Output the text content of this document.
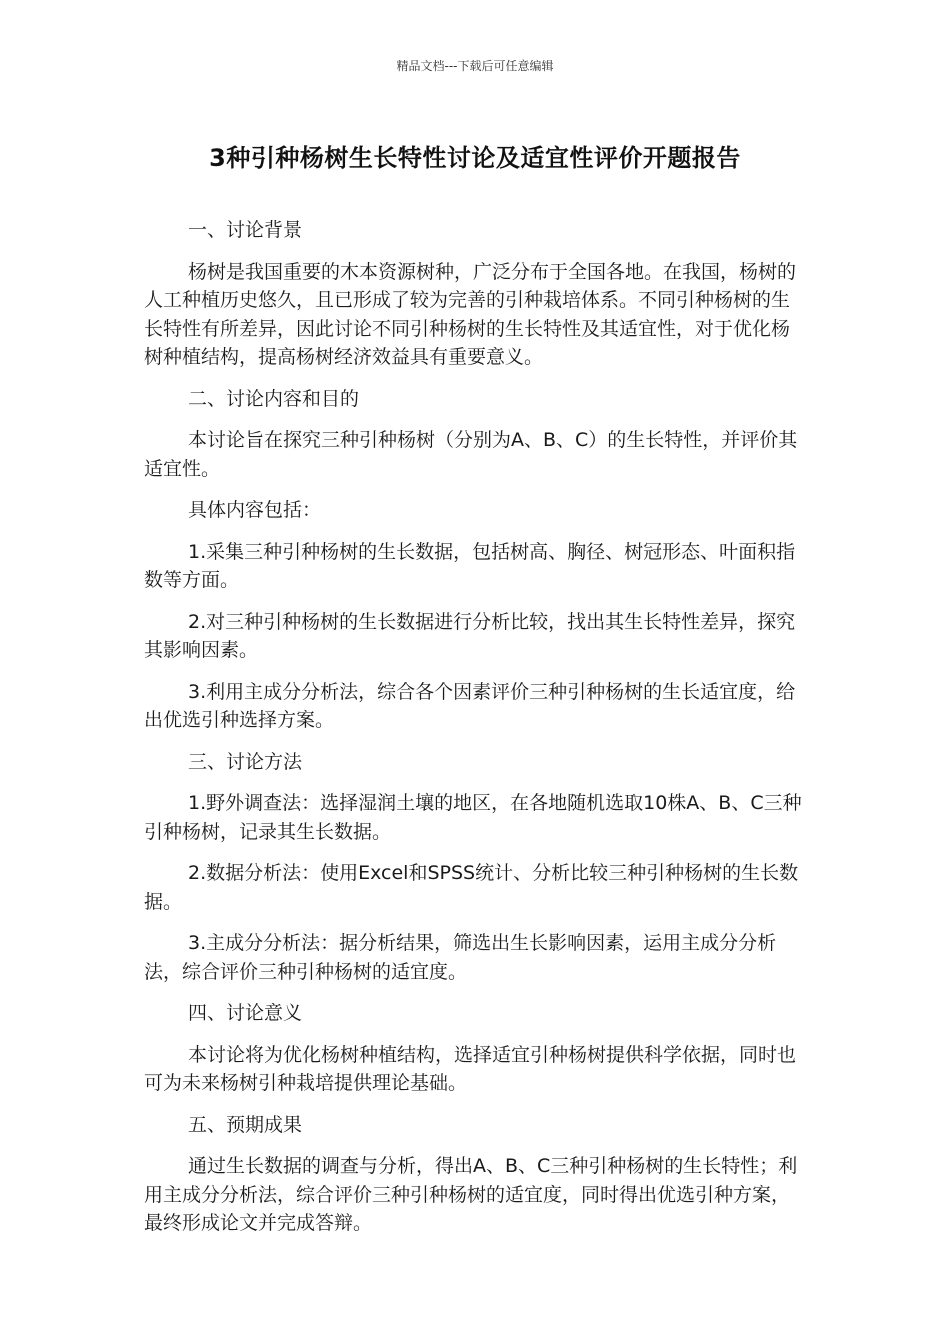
精品文档---下载后可任意编辑
3种引种杨树生长特性讨论及适宜性评价开题报告

一、讨论背景

杨树是我国重要的木本资源树种，广泛分布于全国各地。在我国，杨树的人工种植历史悠久，且已形成了较为完善的引种栽培体系。不同引种杨树的生长特性有所差异，因此讨论不同引种杨树的生长特性及其适宜性，对于优化杨树种植结构，提高杨树经济效益具有重要意义。

二、讨论内容和目的

本讨论旨在探究三种引种杨树（分别为A、B、C）的生长特性，并评价其适宜性。

具体内容包括：

1.采集三种引种杨树的生长数据，包括树高、胸径、树冠形态、叶面积指数等方面。

2.对三种引种杨树的生长数据进行分析比较，找出其生长特性差异，探究其影响因素。

3.利用主成分分析法，综合各个因素评价三种引种杨树的生长适宜度，给出优选引种选择方案。

三、讨论方法

1.野外调查法：选择湿润土壤的地区，在各地随机选取10株A、B、C三种引种杨树，记录其生长数据。

2.数据分析法：使用Excel和SPSS统计、分析比较三种引种杨树的生长数据。

3.主成分分析法：据分析结果，筛选出生长影响因素，运用主成分分析法，综合评价三种引种杨树的适宜度。

四、讨论意义

本讨论将为优化杨树种植结构，选择适宜引种杨树提供科学依据，同时也可为未来杨树引种栽培提供理论基础。

五、预期成果

通过生长数据的调查与分析，得出A、B、C三种引种杨树的生长特性；利用主成分分析法，综合评价三种引种杨树的适宜度，同时得出优选引种方案，最终形成论文并完成答辩。
